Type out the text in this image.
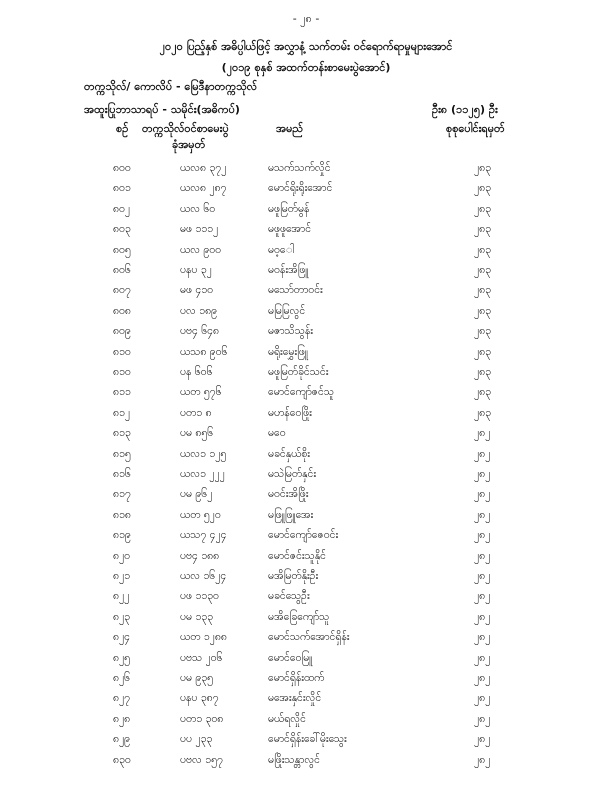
- ၂၈ -
၂၀၂၀ ပြည့်နှစ် အဓိပ္ပါယ်ဖြင့် အလွှာနံ့ သက်တမ်း ဝင်ရောက်ရာမှုများအောင်
(၂၀၁၉ စုနှစ် အထက်တန်းစာမေးပွဲအောင်)
တက္ကသိုလ်/ ကောလိပ် - မြေဒီနာတက္ကသိုလ်
အထူးပြုဘာသာရပ် - သမိုင်း(အဓိကပ်)	ဦး၈ (၁၁၂၅) ဦး
စဉ် တက္ကသိုလ်ဝင်စာမေးပွဲ
ခုံအမှတ်
အမည်	စုစုပေါင်းရမှတ်
၈၀၀	ယလ၈ ၃၇၂	မသက်သက်လှိုင်	၂၈၃
၈၀၁	ယလ၈ ၂၈၇	မောင်ရိုးရိုးအောင်	၂၈၃
၈၀၂	ယလ ၆၀	မဖူမြတ်မွန်	၂၈၃
၈၀၃	မဖ ၁၁၁၂	မဖူဖူအောင်	၂၈၃
၈၀၅	ယလ ၉၀၀	မဝ့ေါ	၂၈၃
၈၀၆	ပနပ ၃၂	မဝန်းအိဖြူ	၂၈၃
၈၀၇	မဖ ၄၁၀	မသော်တာဝင်း	၂၈၃
၈၀၈	ပလ ၁၈၉	မမြမြလွင်	၂၈၃
၈၀၉	ပဗ၄ ၆၄၈	မဇာသိသွန်း	၂၈၃
၈၁၀	ယသ၈ ၉၀၆	မရိုးမွှေးဖြူ	၂၈၃
၈၁၀	ပန ၆၀၆	မဖူမြတ်ခိုင်သင်း	၂၈၃
၈၁၁	ယတ ၅၇၆	မောင်ကျော်ဇင်သူ	၂၈၃
၈၁၂	ပတ၁ ၈	မဟန်ဝေဖြိုး	၂၈၃
၈၁၃	ပမ ၈၅၆	မဝေ	၂၈၂
၈၁၅	ယလ၁ ၁၂၅	မခင်နှယ်စိုး	၂၈၂
၈၁၆	ယလ၁ ၂၂၂	မသဲမြတ်နှင်း	၂၈၂
၈၁၇	ပမ ၉၆၂	မဝင်းအိဖြိုး	၂၈၂
၈၁၈	ယတ ၅၂၀	မဖြူဖြူအေး	၂၈၂
၈၁၉	ယသ၇ ၄၂၄	မောင်ကျော်ဇေဝင်း	၂၈၂
၈၂၀	ပဗ၄ ၁၈၈	မောင်ဇင်းသူနိုင်	၂၈၂
၈၂၁	ယလ ၁၆၂၄	မအိမြတ်နိုးဦး	၂၈၂
၈၂၂	ပဖ ၁၁၃၀	မခင်သွေဦး	၂၈၂
၈၂၃	ပမ ၁၃၃	မအိခြေကျော်သူ	၂၈၂
၈၂၄	ယတ ၁၂၈၈	မောင်သက်အောင်ရှိန်း	၂၈၂
၈၂၅	ပဗသ ၂၀၆	မောင်ဝေမြူ	၂၈၂
၈၂၆	ပမ ၉၃၅	မောင်ရှိန်းထက်	၂၈၂
၈၂၇	ပနပ ၃၈၇	မအေးနှင်းလှိုင်	၂၈၂
၈၂၈	ပတ၁ ၃၀၈	မယ်ရလှိုင်	၂၈၂
၈၂၉	ပပ ၂၃၃	မောင်ရှိန်းခေါ်မိုးသွေး	၂၈၂
၈၃၀	ပဗလ ၁၅၇	မဖြိုးသန္တာလွင်	၂၈၂
